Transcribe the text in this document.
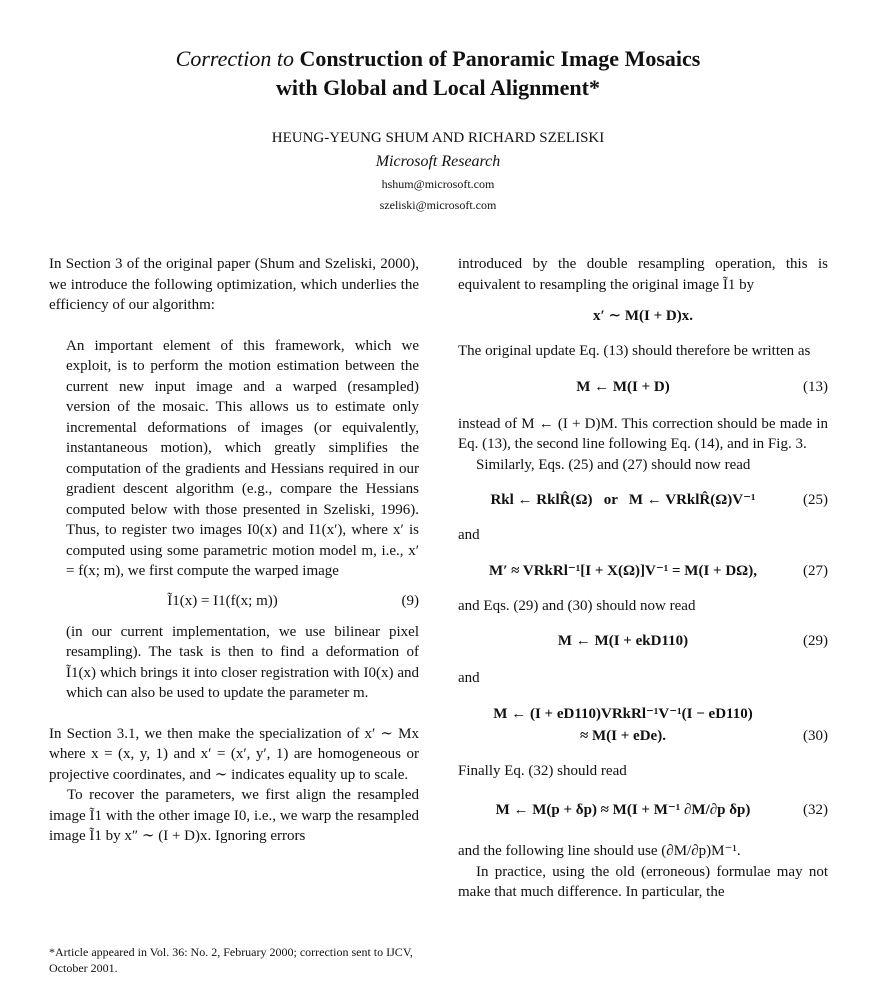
Correction to Construction of Panoramic Image Mosaics
with Global and Local Alignment*
HEUNG-YEUNG SHUM AND RICHARD SZELISKI
Microsoft Research
hshum@microsoft.com
szeliski@microsoft.com

In Section 3 of the original paper (Shum and Szeliski, 2000), we introduce the following optimization, which underlies the efficiency of our algorithm:

An important element of this framework, which we exploit, is to perform the motion estimation between the current new input image and a warped (resampled) version of the mosaic. This allows us to estimate only incremental deformations of images (or equivalently, instantaneous motion), which greatly simplifies the computation of the gradients and Hessians required in our gradient descent algorithm (e.g., compare the Hessians computed below with those presented in Szeliski, 1996). Thus, to register two images I0(x) and I1(x′), where x′ is computed using some parametric motion model m, i.e., x′ = f(x; m), we first compute the warped image

Ĩ1(x) = I1(f(x; m))	(9)

(in our current implementation, we use bilinear pixel resampling). The task is then to find a deformation of Ĩ1(x) which brings it into closer registration with I0(x) and which can also be used to update the parameter m.

In Section 3.1, we then make the specialization of x′ ∼ Mx where x = (x, y, 1) and x′ = (x′, y′, 1) are homogeneous or projective coordinates, and ∼ indicates equality up to scale.

To recover the parameters, we first align the resampled image Ĩ1 with the other image I0, i.e., we warp the resampled image Ĩ1 by x″ ∼ (I + D)x. Ignoring errors

*Article appeared in Vol. 36: No. 2, February 2000; correction sent to IJCV, October 2001.

introduced by the double resampling operation, this is equivalent to resampling the original image Ĩ1 by

x′ ∼ M(I + D)x.

The original update Eq. (13) should therefore be written as

M ← M(I + D)	(13)

instead of M ← (I + D)M. This correction should be made in Eq. (13), the second line following Eq. (14), and in Fig. 3.

Similarly, Eqs. (25) and (27) should now read

Rkl ← RklR̂(Ω)   or   M ← VRklR̂(Ω)V⁻¹	(25)

and

M′ ≈ VRkRl⁻¹[I + X(Ω)]V⁻¹ = M(I + DΩ),	(27)

and Eqs. (29) and (30) should now read

M ← M(I + ekD110)	(29)

and

M ← (I + eD110)VRkRl⁻¹V⁻¹(I − eD110)
≈ M(I + eDe).	(30)

Finally Eq. (32) should read

M ← M(p + δp) ≈ M(I + M⁻¹ ∂M/∂p δp)	(32)

and the following line should use (∂M/∂p)M⁻¹.

In practice, using the old (erroneous) formulae may not make that much difference. In particular, the
